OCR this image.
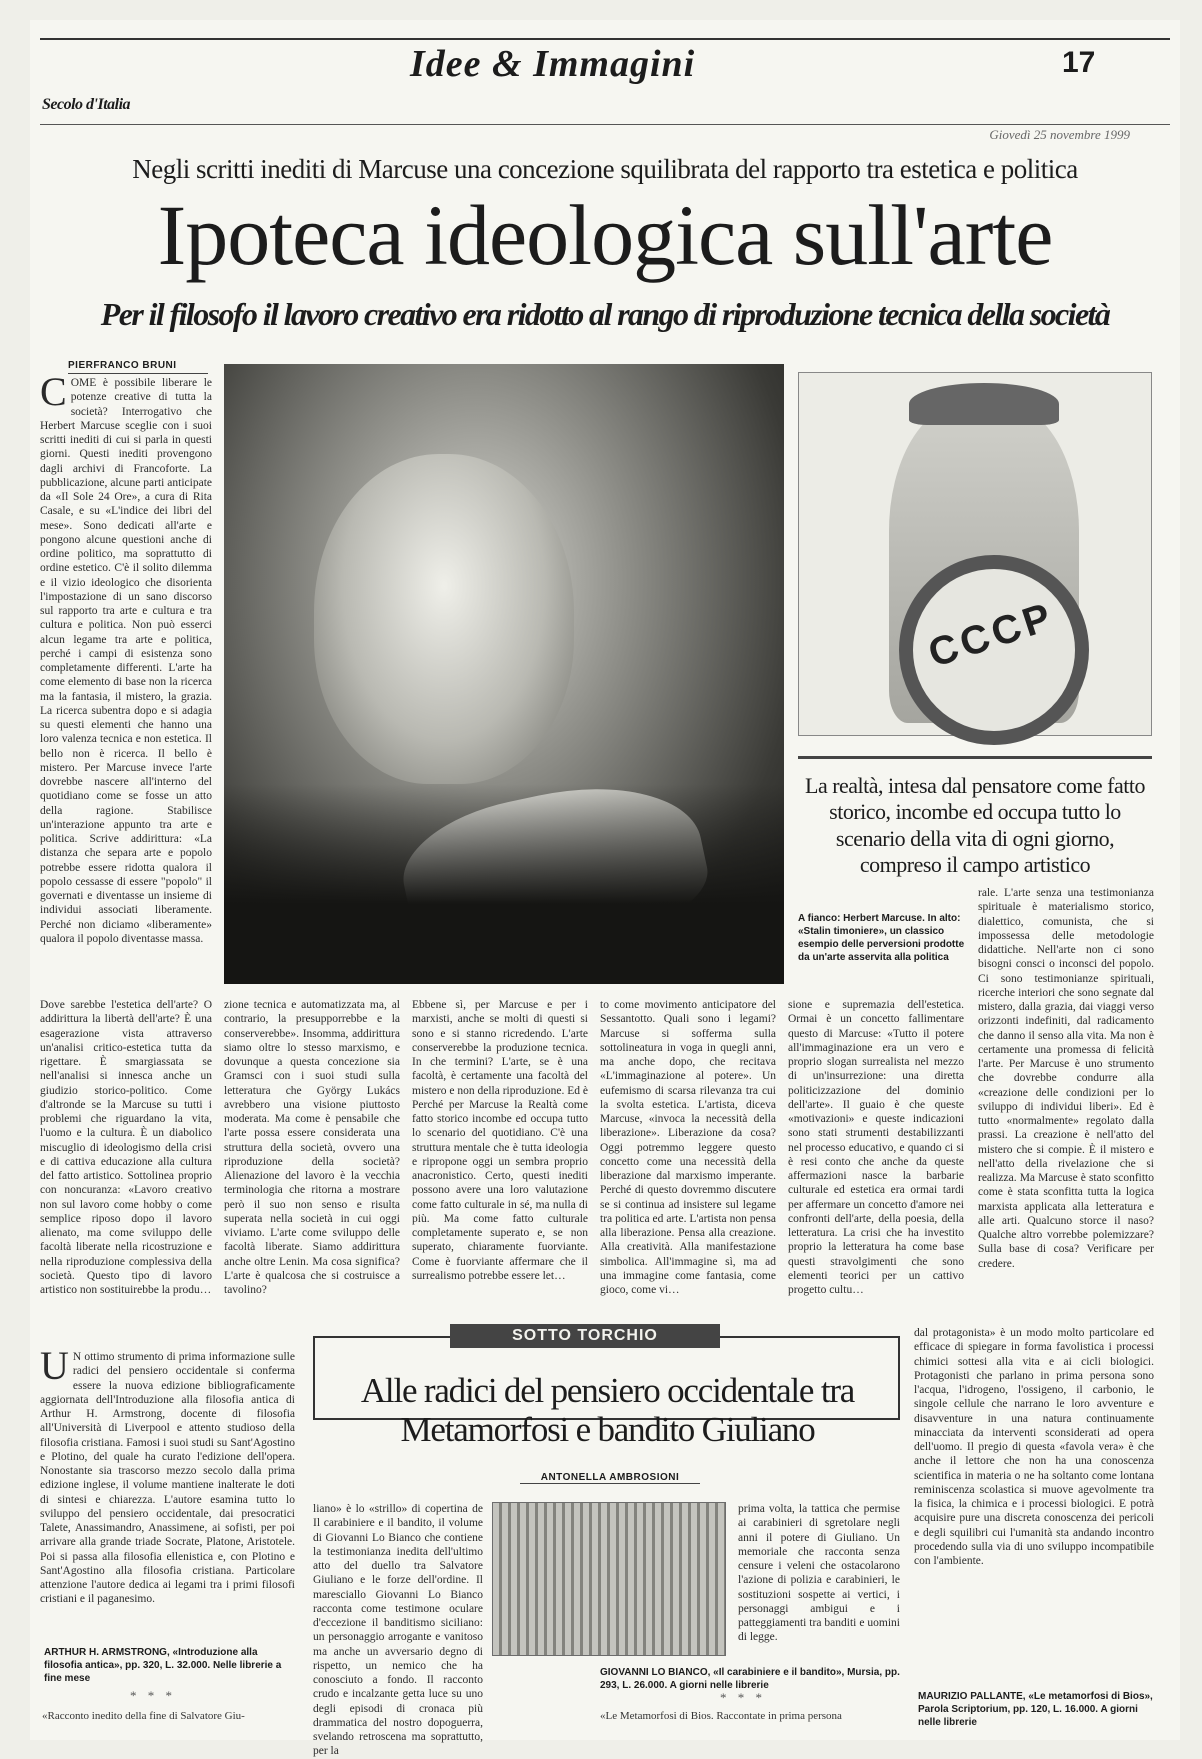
Secolo d'Italia
Idee & Immagini	17
Giovedì 25 novembre 1999
Negli scritti inediti di Marcuse una concezione squilibrata del rapporto tra estetica e politica
Ipoteca ideologica sull'arte
Per il filosofo il lavoro creativo era ridotto al rango di riproduzione tecnica della società
PIERFRANCO BRUNI
COME è possibile liberare le potenze creative di tutta la società? Interrogativo che Herbert Marcuse sceglie con i suoi scritti inediti di cui si parla in questi giorni. Questi inediti provengono dagli archivi di Francoforte. La pubblicazione, alcune parti anticipate da «Il Sole 24 Ore», a cura di Rita Casale, e su «L'indice dei libri del mese». Sono dedicati all'arte e pongono alcune questioni anche di ordine politico, ma soprattutto di ordine estetico. C'è il solito dilemma e il vizio ideologico che disorienta l'impostazione di un sano discorso sul rapporto tra arte e cultura e tra cultura e politica. Non può esserci alcun legame tra arte e politica, perché i campi di esistenza sono completamente differenti. L'arte ha come elemento di base non la ricerca ma la fantasia, il mistero, la grazia. La ricerca subentra dopo e si adagia su questi elementi che hanno una loro valenza tecnica e non estetica. Il bello non è ricerca. Il bello è mistero. Per Marcuse invece l'arte dovrebbe nascere all'interno del quotidiano come se fosse un atto della ragione. Stabilisce un'interazione appunto tra arte e politica. Scrive addirittura: «La distanza che separa arte e popolo potrebbe essere ridotta qualora il popolo cessasse di essere "popolo" il governati e diventasse un insieme di individui associati liberamente. Perché non diciamo «liberamente» qualora il popolo diventasse massa.
CCCP
La realtà, intesa dal pensatore come fatto storico, incombe ed occupa tutto lo scenario della vita di ogni giorno, compreso il campo artistico
A fianco: Herbert Marcuse. In alto: «Stalin timoniere», un classico esempio delle perversioni prodotte da un'arte asservita alla politica
Dove sarebbe l'estetica dell'arte? O addirittura la libertà dell'arte? È una esagerazione vista attraverso un'analisi critico-estetica tutta da rigettare. È smargiassata se nell'analisi si innesca anche un giudizio storico-politico. Come d'altronde se la Marcuse su tutti i problemi che riguardano la vita, l'uomo e la cultura. È un diabolico miscuglio di ideologismo della crisi e di cattiva educazione alla cultura del fatto artistico. Sottolinea proprio con noncuranza: «Lavoro creativo non sul lavoro come hobby o come semplice riposo dopo il lavoro alienato, ma come sviluppo delle facoltà liberate nella ricostruzione e nella riproduzione complessiva della società. Questo tipo di lavoro artistico non sostituirebbe la produ…
zione tecnica e automatizzata ma, al contrario, la presupporrebbe e la conserverebbe». Insomma, addirittura siamo oltre lo stesso marxismo, e dovunque a questa concezione sia Gramsci con i suoi studi sulla letteratura che György Lukács avrebbero una visione piuttosto moderata. Ma come è pensabile che l'arte possa essere considerata una struttura della società, ovvero una riproduzione della società? Alienazione del lavoro è la vecchia terminologia che ritorna a mostrare però il suo non senso e risulta superata nella società in cui oggi viviamo. L'arte come sviluppo delle facoltà liberate. Siamo addirittura anche oltre Lenin. Ma cosa significa? L'arte è qualcosa che si costruisce a tavolino?
Ebbene sì, per Marcuse e per i marxisti, anche se molti di questi si sono e si stanno ricredendo. L'arte conserverebbe la produzione tecnica. In che termini? L'arte, se è una facoltà, è certamente una facoltà del mistero e non della riproduzione. Ed è Perché per Marcuse la Realtà come fatto storico incombe ed occupa tutto lo scenario del quotidiano. C'è una struttura mentale che è tutta ideologia e ripropone oggi un sembra proprio anacronistico. Certo, questi inediti possono avere una loro valutazione come fatto culturale in sé, ma nulla di più. Ma come fatto culturale completamente superato e, se non superato, chiaramente fuorviante. Come è fuorviante affermare che il surrealismo potrebbe essere let…
to come movimento anticipatore del Sessantotto. Quali sono i legami? Marcuse si sofferma sulla sottolineatura in voga in quegli anni, ma anche dopo, che recitava «L'immaginazione al potere». Un eufemismo di scarsa rilevanza tra cui la svolta estetica. L'artista, diceva Marcuse, «invoca la necessità della liberazione». Liberazione da cosa? Oggi potremmo leggere questo concetto come una necessità della liberazione dal marxismo imperante. Perché di questo dovremmo discutere se si continua ad insistere sul legame tra politica ed arte. L'artista non pensa alla liberazione. Pensa alla creazione. Alla creatività. Alla manifestazione simbolica. All'immagine sì, ma ad una immagine come fantasia, come gioco, come vi…
sione e supremazia dell'estetica. Ormai è un concetto fallimentare questo di Marcuse: «Tutto il potere all'immaginazione era un vero e proprio slogan surrealista nel mezzo di un'insurrezione: una diretta politicizzazione del dominio dell'arte». Il guaio è che queste «motivazioni» e queste indicazioni sono stati strumenti destabilizzanti nel processo educativo, e quando ci si è resi conto che anche da queste affermazioni nasce la barbarie culturale ed estetica era ormai tardi per affermare un concetto d'amore nei confronti dell'arte, della poesia, della letteratura. La crisi che ha investito proprio la letteratura ha come base questi stravolgimenti che sono elementi teorici per un cattivo progetto cultu…
rale. L'arte senza una testimonianza spirituale è materialismo storico, dialettico, comunista, che si impossessa delle metodologie didattiche. Nell'arte non ci sono bisogni consci o inconsci del popolo. Ci sono testimonianze spirituali, ricerche interiori che sono segnate dal mistero, dalla grazia, dai viaggi verso orizzonti indefiniti, dal radicamento che danno il senso alla vita. Ma non è certamente una promessa di felicità l'arte. Per Marcuse è uno strumento che dovrebbe condurre alla «creazione delle condizioni per lo sviluppo di individui liberi». Ed è tutto «normalmente» regolato dalla prassi. La creazione è nell'atto del mistero che si compie. È il mistero e nell'atto della rivelazione che si realizza. Ma Marcuse è stato sconfitto come è stata sconfitta tutta la logica marxista applicata alla letteratura e alle arti. Qualcuno storce il naso? Qualche altro vorrebbe polemizzare? Sulla base di cosa? Verificare per credere.
SOTTO TORCHIO
Alle radici del pensiero occidentale tra Metamorfosi e bandito Giuliano
ANTONELLA AMBROSIONI
UN ottimo strumento di prima informazione sulle radici del pensiero occidentale si conferma essere la nuova edizione bibliograficamente aggiornata dell'Introduzione alla filosofia antica di Arthur H. Armstrong, docente di filosofia all'Università di Liverpool e attento studioso della filosofia cristiana. Famosi i suoi studi su Sant'Agostino e Plotino, del quale ha curato l'edizione dell'opera. Nonostante sia trascorso mezzo secolo dalla prima edizione inglese, il volume mantiene inalterate le doti di sintesi e chiarezza. L'autore esamina tutto lo sviluppo del pensiero occidentale, dai presocratici Talete, Anassimandro, Anassimene, ai sofisti, per poi arrivare alla grande triade Socrate, Platone, Aristotele. Poi si passa alla filosofia ellenistica e, con Plotino e Sant'Agostino alla filosofia cristiana. Particolare attenzione l'autore dedica ai legami tra i primi filosofi cristiani e il paganesimo.
ARTHUR H. ARMSTRONG, «Introduzione alla filosofia antica», pp. 320, L. 32.000. Nelle librerie a fine mese
* * *
«Racconto inedito della fine di Salvatore Giu-
liano» è lo «strillo» di copertina de Il carabiniere e il bandito, il volume di Giovanni Lo Bianco che contiene la testimonianza inedita dell'ultimo atto del duello tra Salvatore Giuliano e le forze dell'ordine. Il maresciallo Giovanni Lo Bianco racconta come testimone oculare d'eccezione il banditismo siciliano: un personaggio arrogante e vanitoso ma anche un avversario degno di rispetto, un nemico che ha conosciuto a fondo. Il racconto crudo e incalzante getta luce su uno degli episodi di cronaca più drammatica del nostro dopoguerra, svelando retroscena ma soprattutto, per la
prima volta, la tattica che permise ai carabinieri di sgretolare negli anni il potere di Giuliano. Un memoriale che racconta senza censure i veleni che ostacolarono l'azione di polizia e carabinieri, le sostituzioni sospette ai vertici, i personaggi ambigui e i patteggiamenti tra banditi e uomini di legge.
GIOVANNI LO BIANCO, «Il carabiniere e il bandito», Mursia, pp. 293, L. 26.000. A giorni nelle librerie
* * *
«Le Metamorfosi di Bios. Raccontate in prima persona
dal protagonista» è un modo molto particolare ed efficace di spiegare in forma favolistica i processi chimici sottesi alla vita e ai cicli biologici. Protagonisti che parlano in prima persona sono l'acqua, l'idrogeno, l'ossigeno, il carbonio, le singole cellule che narrano le loro avventure e disavventure in una natura continuamente minacciata da interventi sconsiderati ad opera dell'uomo. Il pregio di questa «favola vera» è che anche il lettore che non ha una conoscenza scientifica in materia o ne ha soltanto come lontana reminiscenza scolastica si muove agevolmente tra la fisica, la chimica e i processi biologici. E potrà acquisire pure una discreta conoscenza dei pericoli e degli squilibri cui l'umanità sta andando incontro procedendo sulla via di uno sviluppo incompatibile con l'ambiente.
MAURIZIO PALLANTE, «Le metamorfosi di Bios», Parola Scriptorium, pp. 120, L. 16.000. A giorni nelle librerie
